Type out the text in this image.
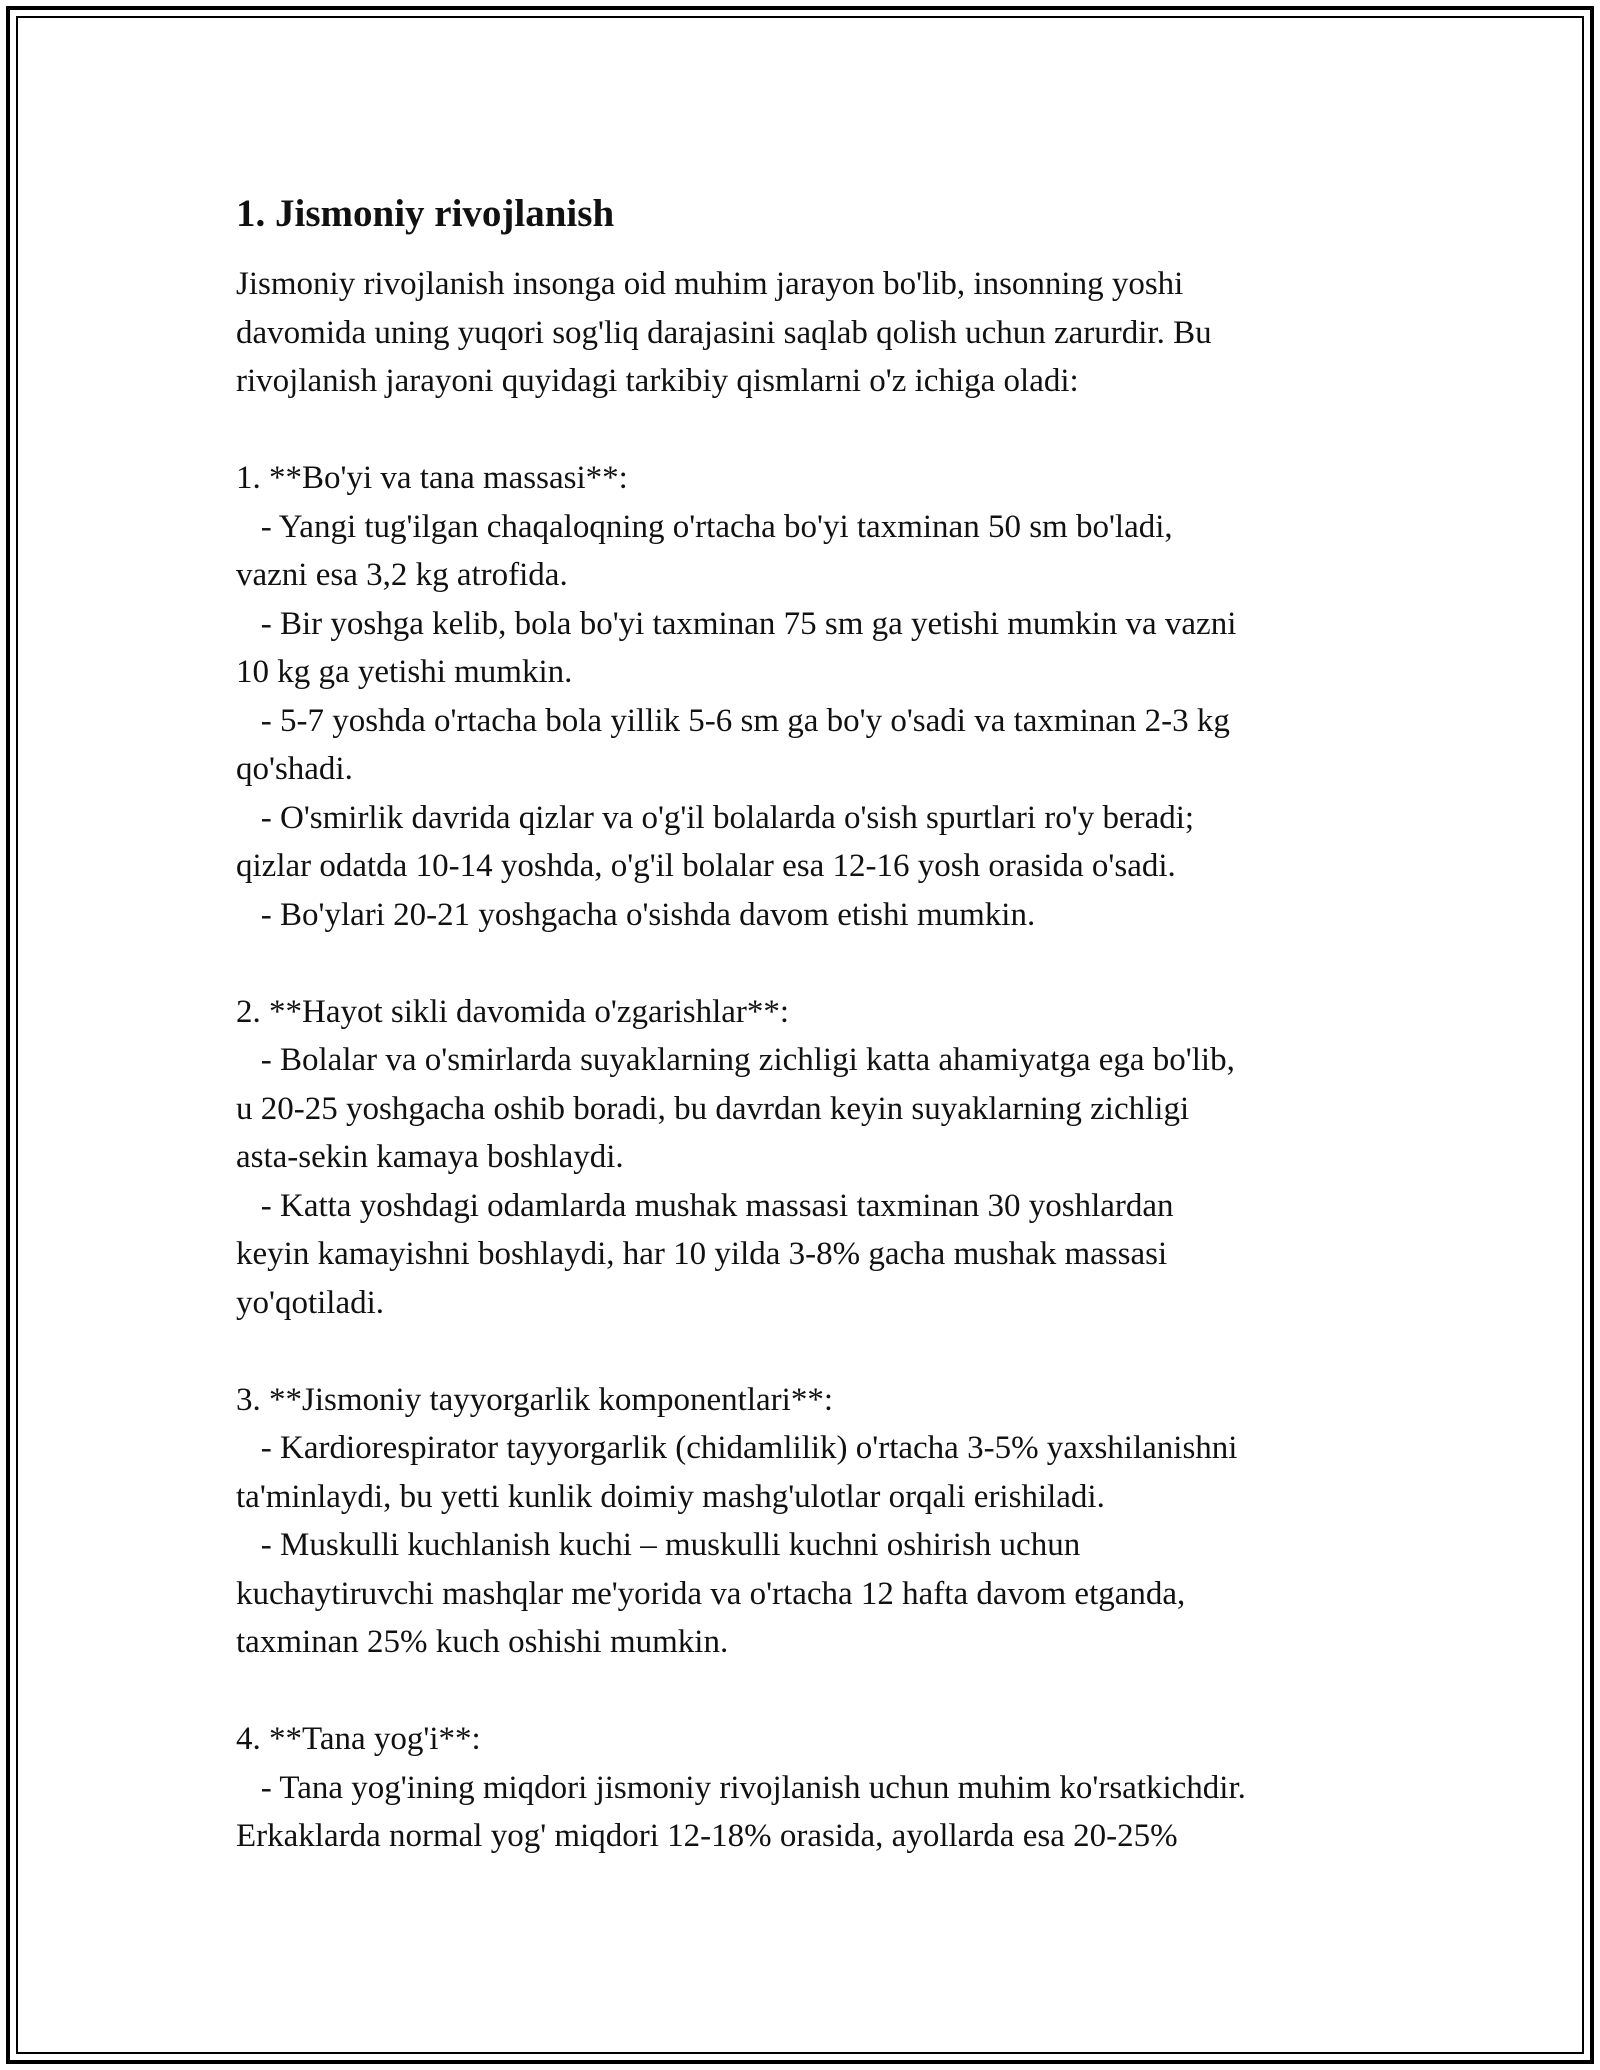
1. Jismoniy rivojlanish
Jismoniy rivojlanish insonga oid muhim jarayon bo'lib, insonning yoshi
davomida uning yuqori sog'liq darajasini saqlab qolish uchun zarurdir. Bu
rivojlanish jarayoni quyidagi tarkibiy qismlarni o'z ichiga oladi:
1. **Bo'yi va tana massasi**:
- Yangi tug'ilgan chaqaloqning o'rtacha bo'yi taxminan 50 sm bo'ladi,
vazni esa 3,2 kg atrofida.
- Bir yoshga kelib, bola bo'yi taxminan 75 sm ga yetishi mumkin va vazni
10 kg ga yetishi mumkin.
- 5-7 yoshda o'rtacha bola yillik 5-6 sm ga bo'y o'sadi va taxminan 2-3 kg
qo'shadi.
- O'smirlik davrida qizlar va o'g'il bolalarda o'sish spurtlari ro'y beradi;
qizlar odatda 10-14 yoshda, o'g'il bolalar esa 12-16 yosh orasida o'sadi.
- Bo'ylari 20-21 yoshgacha o'sishda davom etishi mumkin.
2. **Hayot sikli davomida o'zgarishlar**:
- Bolalar va o'smirlarda suyaklarning zichligi katta ahamiyatga ega bo'lib,
u 20-25 yoshgacha oshib boradi, bu davrdan keyin suyaklarning zichligi
asta-sekin kamaya boshlaydi.
- Katta yoshdagi odamlarda mushak massasi taxminan 30 yoshlardan
keyin kamayishni boshlaydi, har 10 yilda 3-8% gacha mushak massasi
yo'qotiladi.
3. **Jismoniy tayyorgarlik komponentlari**:
- Kardiorespirator tayyorgarlik (chidamlilik) o'rtacha 3-5% yaxshilanishni
ta'minlaydi, bu yetti kunlik doimiy mashg'ulotlar orqali erishiladi.
- Muskulli kuchlanish kuchi – muskulli kuchni oshirish uchun
kuchaytiruvchi mashqlar me'yorida va o'rtacha 12 hafta davom etganda,
taxminan 25% kuch oshishi mumkin.
4. **Tana yog'i**:
- Tana yog'ining miqdori jismoniy rivojlanish uchun muhim ko'rsatkichdir.
Erkaklarda normal yog' miqdori 12-18% orasida, ayollarda esa 20-25%
